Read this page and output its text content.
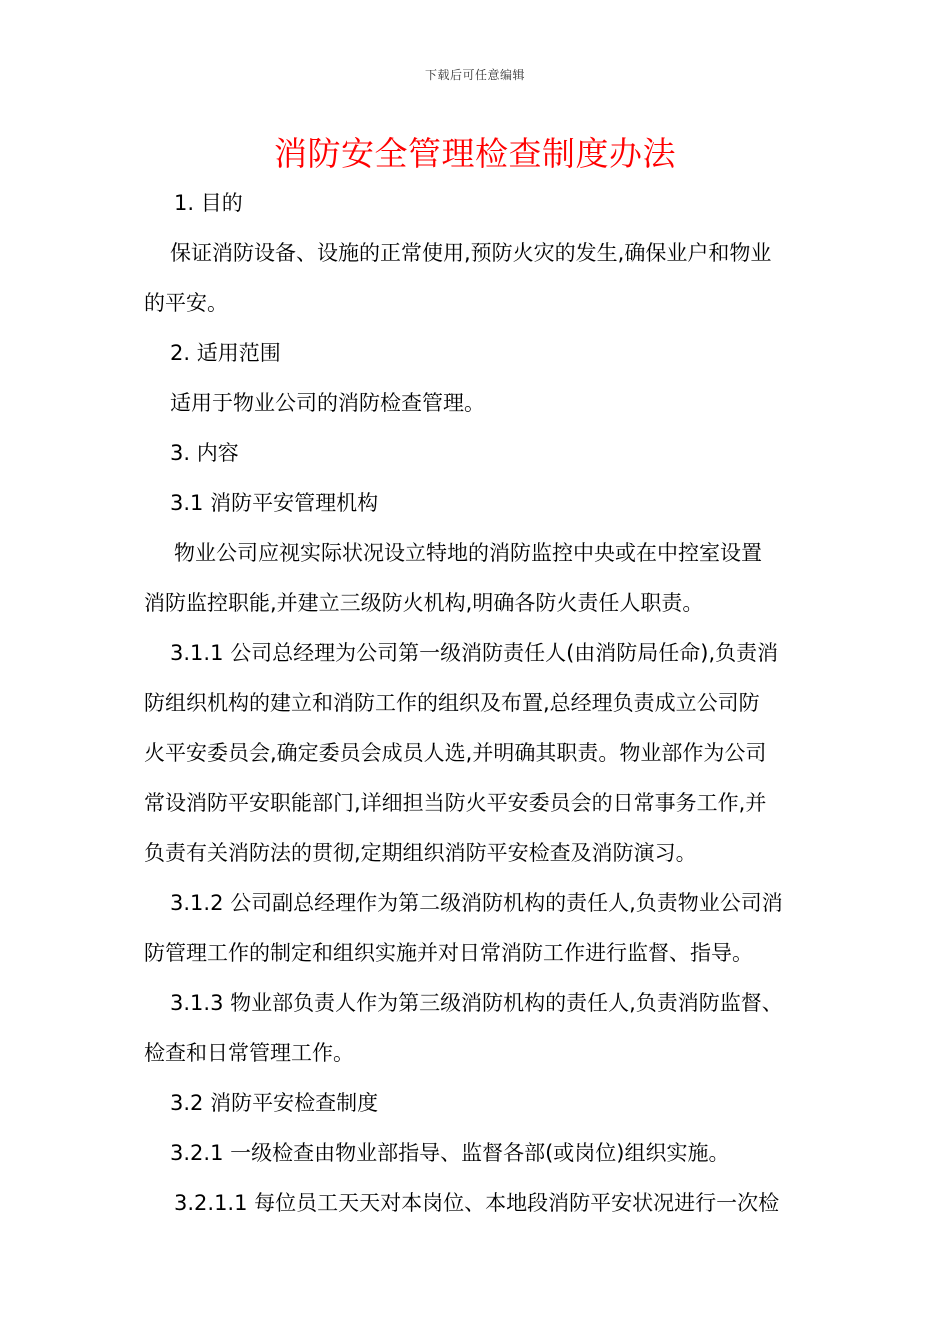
下载后可任意编辑
消防安全管理检查制度办法
1. 目的
保证消防设备、设施的正常使用,预防火灾的发生,确保业户和物业
的平安。
2. 适用范围
适用于物业公司的消防检查管理。
3. 内容
3.1 消防平安管理机构
物业公司应视实际状况设立特地的消防监控中央或在中控室设置
消防监控职能,并建立三级防火机构,明确各防火责任人职责。
3.1.1 公司总经理为公司第一级消防责任人(由消防局任命),负责消
防组织机构的建立和消防工作的组织及布置,总经理负责成立公司防
火平安委员会,确定委员会成员人选,并明确其职责。物业部作为公司
常设消防平安职能部门,详细担当防火平安委员会的日常事务工作,并
负责有关消防法的贯彻,定期组织消防平安检查及消防演习。
3.1.2 公司副总经理作为第二级消防机构的责任人,负责物业公司消
防管理工作的制定和组织实施并对日常消防工作进行监督、指导。
3.1.3 物业部负责人作为第三级消防机构的责任人,负责消防监督、
检查和日常管理工作。
3.2 消防平安检查制度
3.2.1 一级检查由物业部指导、监督各部(或岗位)组织实施。
3.2.1.1 每位员工天天对本岗位、本地段消防平安状况进行一次检
